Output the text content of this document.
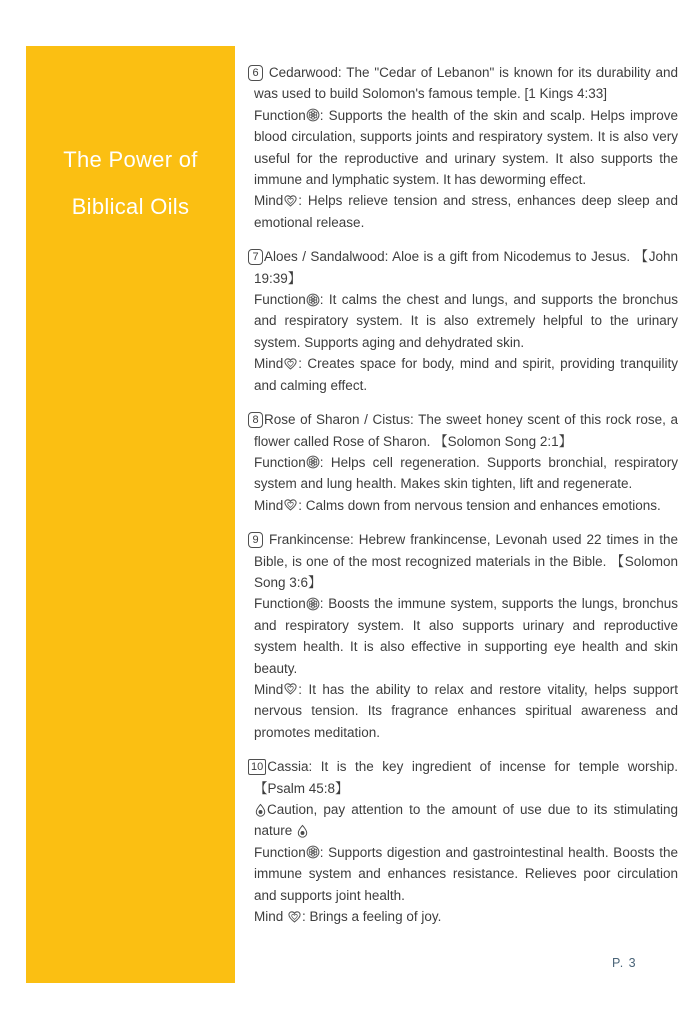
The Power of
Biblical Oils

6 Cedarwood: The "Cedar of Lebanon" is known for its durability and was used to build Solomon's famous temple. [1 Kings 4:33]

Function : Supports the health of the skin and scalp. Helps improve blood circulation, supports joints and respiratory system. It is also very useful for the reproductive and urinary system. It also supports the immune and lymphatic system. It has deworming effect.

Mind : Helps relieve tension and stress, enhances deep sleep and emotional release.

7 Aloes / Sandalwood: Aloe is a gift from Nicodemus to Jesus. 【John 19:39】

Function : It calms the chest and lungs, and supports the bronchus and respiratory system. It is also extremely helpful to the urinary system. Supports aging and dehydrated skin.

Mind : Creates space for body, mind and spirit, providing tranquility and calming effect.

8 Rose of Sharon / Cistus: The sweet honey scent of this rock rose, a flower called Rose of Sharon. 【Solomon Song 2:1】

Function : Helps cell regeneration. Supports bronchial, respiratory system and lung health. Makes skin tighten, lift and regenerate.

Mind : Calms down from nervous tension and enhances emotions.

9 Frankincense: Hebrew frankincense, Levonah used 22 times in the Bible, is one of the most recognized materials in the Bible. 【Solomon Song 3:6】

Function : Boosts the immune system, supports the lungs, bronchus and respiratory system. It also supports urinary and reproductive system health. It is also effective in supporting eye health and skin beauty.

Mind : It has the ability to relax and restore vitality, helps support nervous tension. Its fragrance enhances spiritual awareness and promotes meditation.

10 Cassia: It is the key ingredient of incense for temple worship. 【Psalm 45:8】

Caution, pay attention to the amount of use due to its stimulating nature

Function : Supports digestion and gastrointestinal health. Boosts the immune system and enhances resistance. Relieves poor circulation and supports joint health.

Mind : Brings a feeling of joy.

P. 3
